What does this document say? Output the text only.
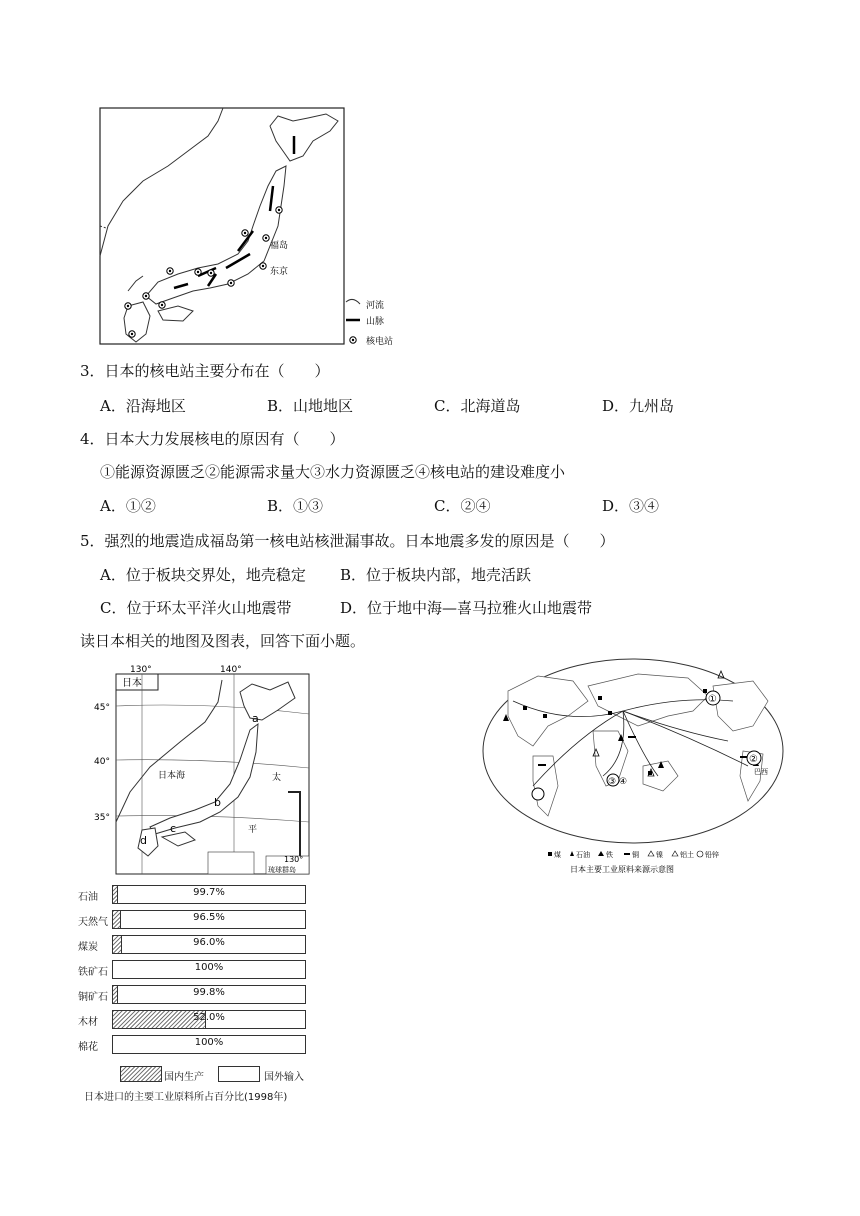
福岛
东京
河流
山脉
核电站
3．日本的核电站主要分布在（　　）
A．沿海地区	B．山地地区	C．北海道岛	D．九州岛
4．日本大力发展核电的原因有（　　）
①能源资源匮乏②能源需求量大③水力资源匮乏④核电站的建设难度小
A．①②	B．①③	C．②④	D．③④
5．强烈的地震造成福岛第一核电站核泄漏事故。日本地震多发的原因是（　　）
A．位于板块交界处，地壳稳定 B．位于板块内部，地壳活跃
C．位于环太平洋火山地震带	D．位于地中海—喜马拉雅火山地震带
读日本相关的地图及图表，回答下面小题。
日本
130°	140°
45°
40°
35°
a
b
c
d
日本海	太
平
130°
琉球群岛
石油	99.7%
天然气	96.5%
煤炭	96.0%
铁矿石	100%
铜矿石	99.8%
木材	52.0%
棉花	100%
国内生产	国外输入
日本进口的主要工业原料所占百分比(1998年)
①
②
巴西
③ ④
煤 石油 铁	铜 镍 铝土 铅锌
日本主要工业原料来源示意图
